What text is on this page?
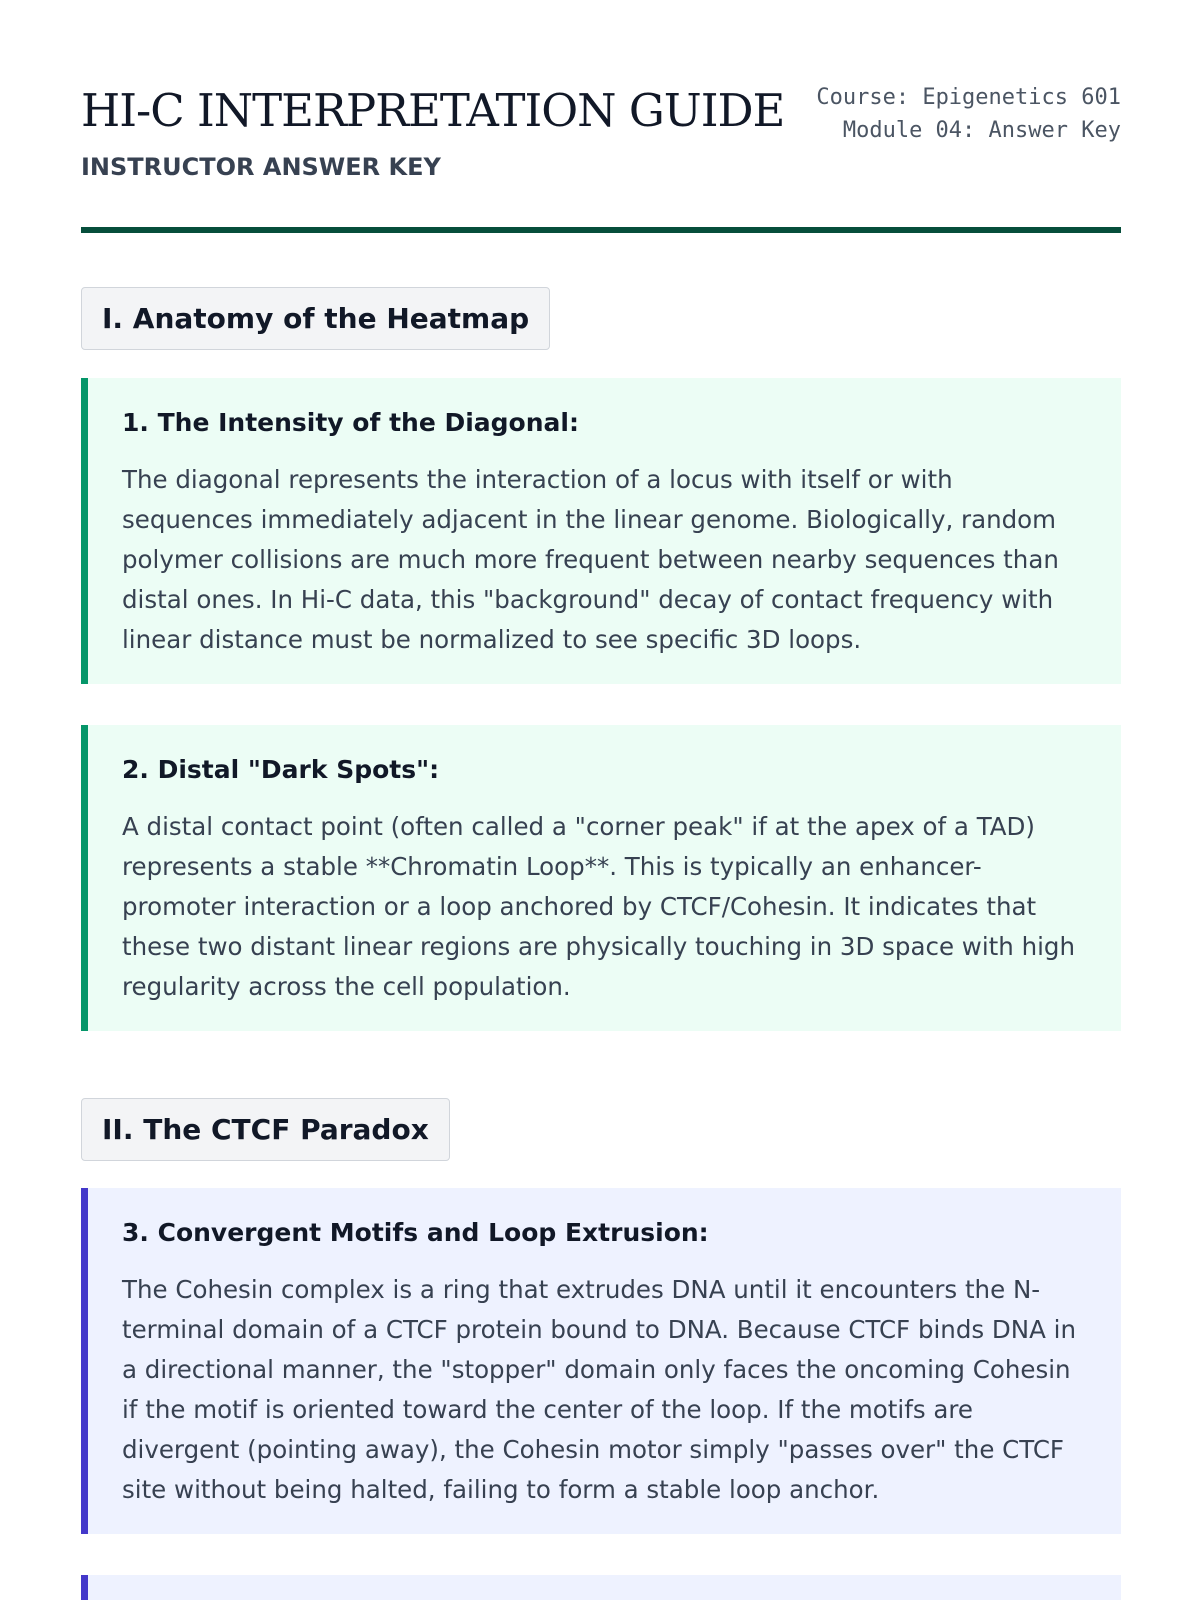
HI-C INTERPRETATION GUIDE
INSTRUCTOR ANSWER KEY
Course: Epigenetics 601
Module 04: Answer Key
I. Anatomy of the Heatmap
1. The Intensity of the Diagonal:

The diagonal represents the interaction of a locus with itself or with sequences immediately adjacent in the linear genome. Biologically, random polymer collisions are much more frequent between nearby sequences than distal ones. In Hi-C data, this "background" decay of contact frequency with linear distance must be normalized to see specific 3D loops.

2. Distal "Dark Spots":

A distal contact point (often called a "corner peak" if at the apex of a TAD) represents a stable **Chromatin Loop**. This is typically an enhancer-promoter interaction or a loop anchored by CTCF/Cohesin. It indicates that these two distant linear regions are physically touching in 3D space with high regularity across the cell population.

II. The CTCF Paradox
3. Convergent Motifs and Loop Extrusion:

The Cohesin complex is a ring that extrudes DNA until it encounters the N-terminal domain of a CTCF protein bound to DNA. Because CTCF binds DNA in a directional manner, the "stopper" domain only faces the oncoming Cohesin if the motif is oriented toward the center of the loop. If the motifs are divergent (pointing away), the Cohesin motor simply "passes over" the CTCF site without being halted, failing to form a stable loop anchor.
